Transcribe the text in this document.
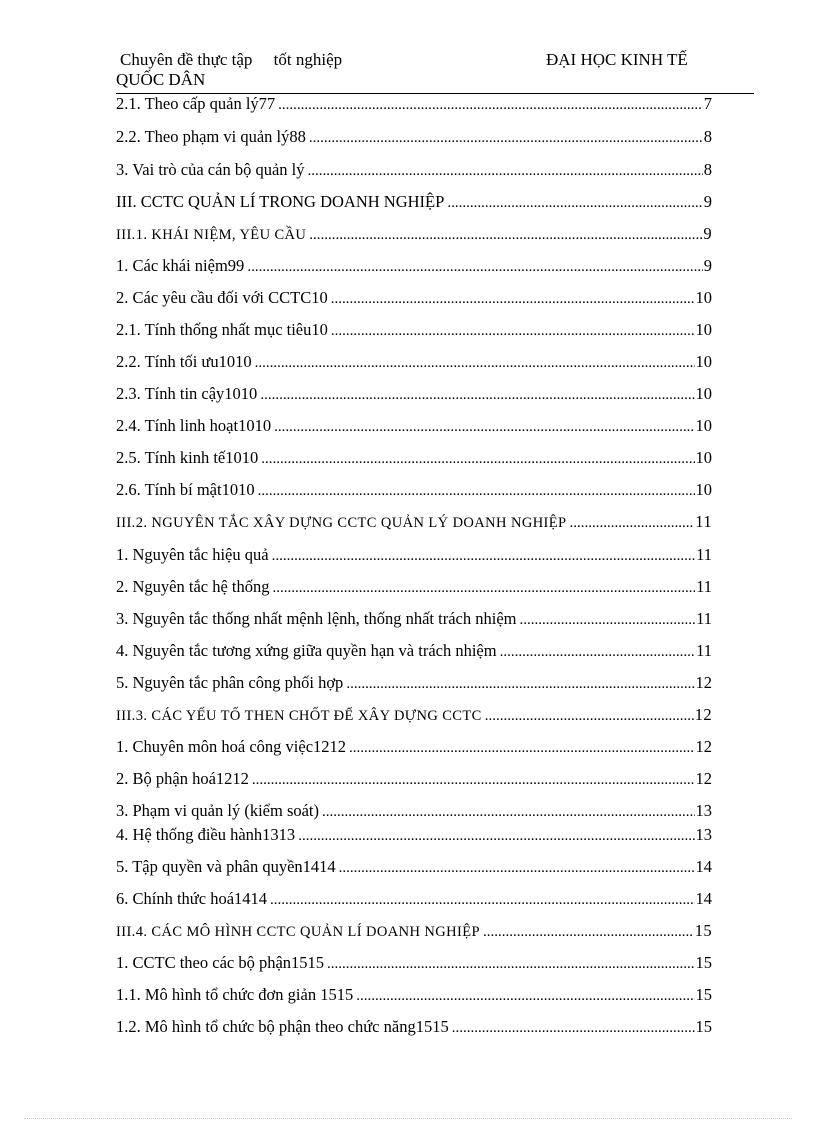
Chuyên đề thực tập     tốt nghiệp	ĐẠI HỌC KINH TẾ
QUỐC DÂN
2.1. Theo cấp quản lý77 .....	7
2.2. Theo phạm vi quản lý88 .....	8
3. Vai trò của cán bộ quản lý .....	8
III. CCTC QUẢN LÍ TRONG DOANH NGHIỆP .....	9
III.1. KHÁI NIỆM, YÊU CẦU .....	9
1. Các khái niệm99 .....	9
2. Các yêu cầu đối với CCTC10 .....	10
2.1. Tính thống nhất mục tiêu10 .....	10
2.2. Tính tối ưu1010 .....	10
2.3. Tính tin cậy1010 .....	10
2.4. Tính linh hoạt1010 .....	10
2.5. Tính kinh tế1010 .....	10
2.6. Tính bí mật1010 .....	10
III.2. NGUYÊN TẮC XÂY DỰNG CCTC QUẢN LÝ DOANH NGHIỆP .....	11
1. Nguyên tắc hiệu quả .....	11
2. Nguyên tắc hệ thống .....	11
3. Nguyên tắc thống nhất mệnh lệnh, thống nhất trách nhiệm .....	11
4. Nguyên tắc tương xứng giữa quyền hạn và trách nhiệm .....	11
5. Nguyên tắc phân công phối hợp .....	12
III.3. CÁC YẾU TỐ THEN CHỐT ĐỂ XÂY DỰNG CCTC .....	12
1. Chuyên môn hoá công việc1212 .....	12
2. Bộ phận hoá1212 .....	12
3. Phạm vi quản lý (kiểm soát) .....	13
4. Hệ thống điều hành1313 .....	13
5. Tập quyền và phân quyền1414 .....	14
6. Chính thức hoá1414 .....	14
III.4. CÁC MÔ HÌNH CCTC QUẢN LÍ DOANH NGHIỆP .....	15
1. CCTC theo các bộ phận1515 .....	15
1.1. Mô hình tổ chức đơn giản 1515 .....	15
1.2. Mô hình tổ chức bộ phận theo chức năng1515 .....	15
